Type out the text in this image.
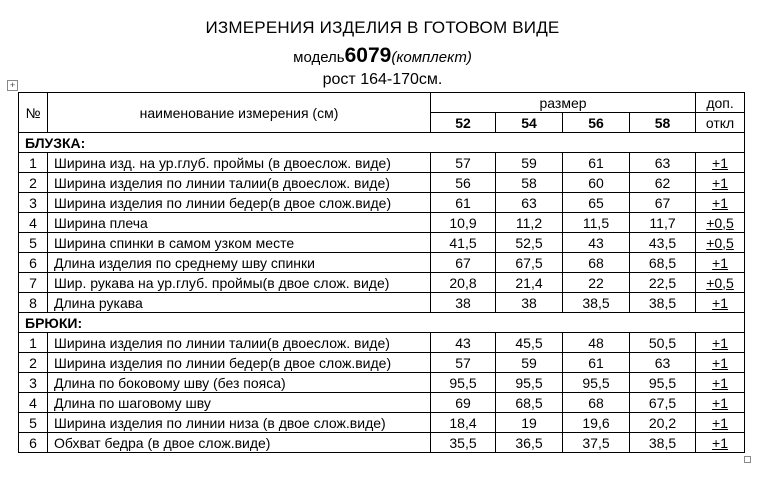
ИЗМЕРЕНИЯ ИЗДЕЛИЯ В ГОТОВОМ ВИДЕ
модель6079(комплект)
рост 164-170см.
+
№	наименование измерения (см)	размер				доп.
		52	54	56	58	откл
БЛУЗКА:						
1	Ширина изд. на ур.глуб. проймы (в двоеслож. виде)	57	59	61	63	+1
2	Ширина изделия по линии талии(в двоеслож. виде)	56	58	60	62	+1
3	Ширина изделия по линии бедер(в двое слож.виде)	61	63	65	67	+1
4	Ширина плеча	10,9	11,2	11,5	11,7	+0,5
5	Ширина спинки в самом узком месте	41,5	52,5	43	43,5	+0,5
6	Длина изделия по среднему шву спинки	67	67,5	68	68,5	+1
7	Шир. рукава на ур.глуб. проймы(в двое слож. виде)	20,8	21,4	22	22,5	+0,5
8	Длина рукава	38	38	38,5	38,5	+1
БРЮКИ:						
1	Ширина изделия по линии талии(в двоеслож. виде)	43	45,5	48	50,5	+1
2	Ширина изделия по линии бедер(в двое слож.виде)	57	59	61	63	+1
3	Длина по боковому шву (без пояса)	95,5	95,5	95,5	95,5	+1
4	Длина по шаговому шву	69	68,5	68	67,5	+1
5	Ширина изделия по линии низа (в двое слож.виде)	18,4	19	19,6	20,2	+1
6	Обхват бедра (в двое слож.виде)	35,5	36,5	37,5	38,5	+1
